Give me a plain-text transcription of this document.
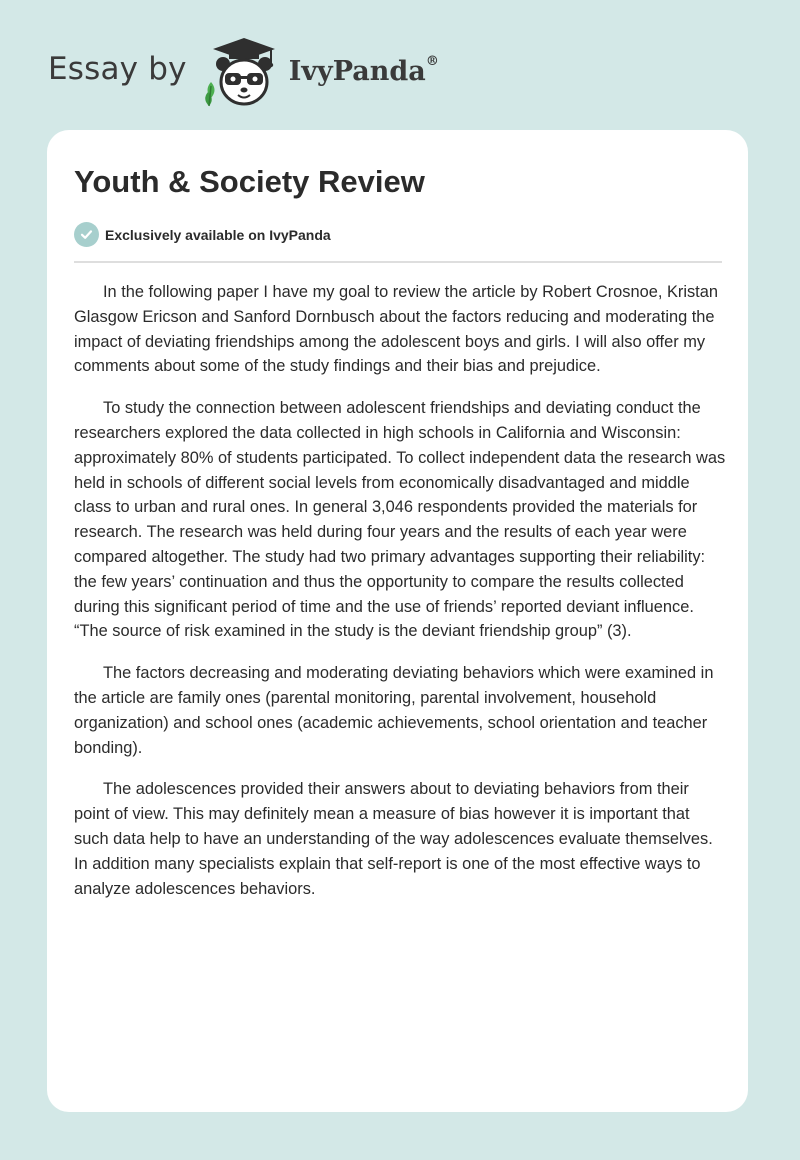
Essay by	IvyPanda®
Youth & Society Review
Exclusively available on IvyPanda

In the following paper I have my goal to review the article by Robert Crosnoe, Kristan Glasgow Ericson and Sanford Dornbusch about the factors reducing and moderating the impact of deviating friendships among the adolescent boys and girls. I will also offer my comments about some of the study findings and their bias and prejudice.

To study the connection between adolescent friendships and deviating conduct the researchers explored the data collected in high schools in California and Wisconsin: approximately 80% of students participated. To collect independent data the research was held in schools of different social levels from economically disadvantaged and middle class to urban and rural ones. In general 3,046 respondents provided the materials for research. The research was held during four years and the results of each year were compared altogether. The study had two primary advantages supporting their reliability: the few years’ continuation and thus the opportunity to compare the results collected during this significant period of time and the use of friends’ reported deviant influence. “The source of risk examined in the study is the deviant friendship group” (3).

The factors decreasing and moderating deviating behaviors which were examined in the article are family ones (parental monitoring, parental involvement, household organization) and school ones (academic achievements, school orientation and teacher bonding).

The adolescences provided their answers about to deviating behaviors from their point of view. This may definitely mean a measure of bias however it is important that such data help to have an understanding of the way adolescences evaluate themselves. In addition many specialists explain that self-report is one of the most effective ways to analyze adolescences behaviors.
